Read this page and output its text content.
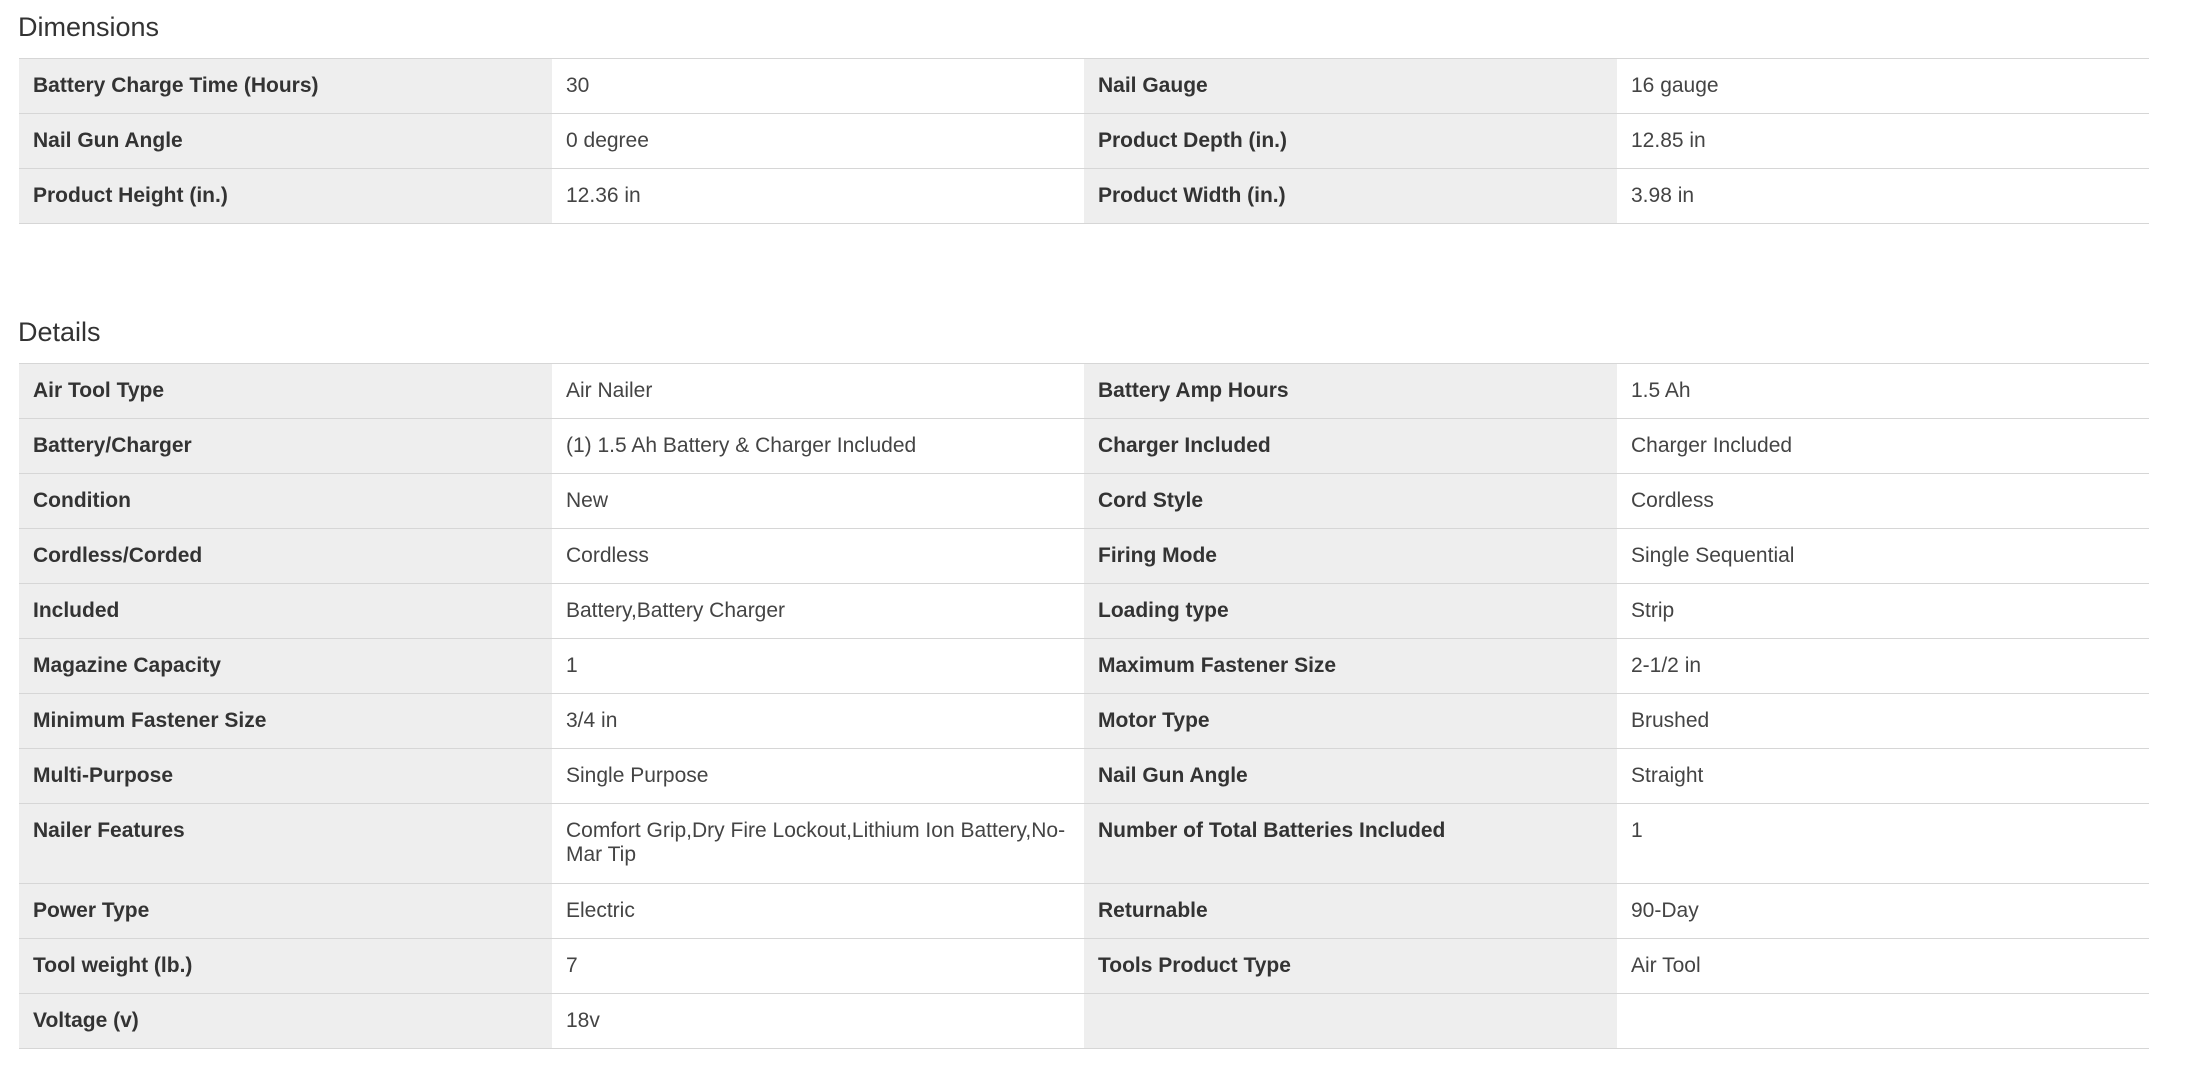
Dimensions
Battery Charge Time (Hours)	30	Nail Gauge	16 gauge
Nail Gun Angle	0 degree	Product Depth (in.)	12.85 in
Product Height (in.)	12.36 in	Product Width (in.)	3.98 in
Details
Air Tool Type	Air Nailer	Battery Amp Hours	1.5 Ah
Battery/Charger	(1) 1.5 Ah Battery & Charger Included	Charger Included	Charger Included
Condition	New	Cord Style	Cordless
Cordless/Corded	Cordless	Firing Mode	Single Sequential
Included	Battery,Battery Charger	Loading type	Strip
Magazine Capacity	1	Maximum Fastener Size	2-1/2 in
Minimum Fastener Size	3/4 in	Motor Type	Brushed
Multi-Purpose	Single Purpose	Nail Gun Angle	Straight
Nailer Features	Comfort Grip,Dry Fire Lockout,Lithium Ion Battery,No-Mar Tip	Number of Total Batteries Included	1
Power Type	Electric	Returnable	90-Day
Tool weight (lb.)	7	Tools Product Type	Air Tool
Voltage (v)	18v		
